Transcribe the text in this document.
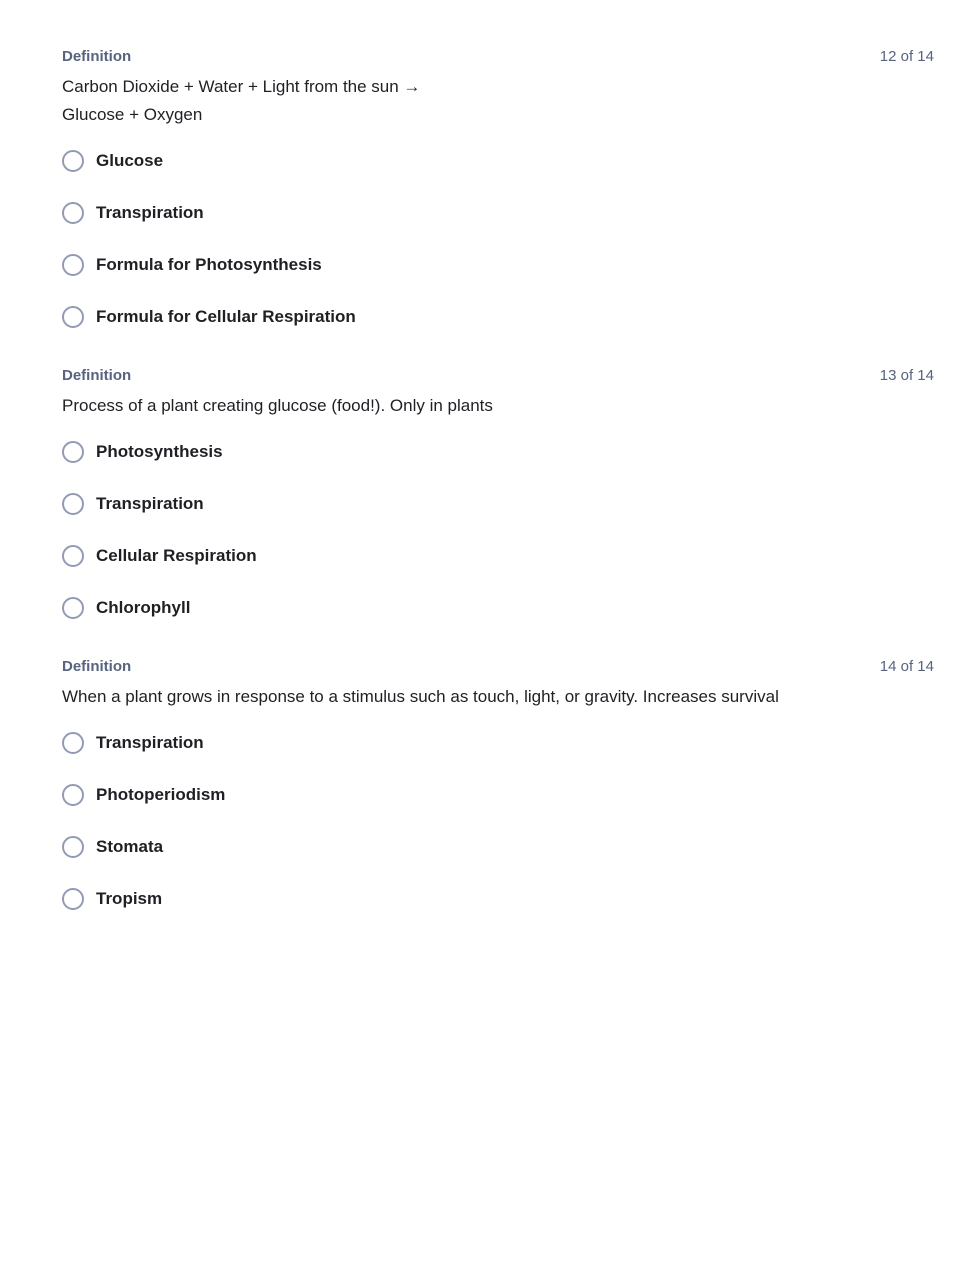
Definition	12 of 14
Carbon Dioxide + Water + Light from the sun →
Glucose + Oxygen
Glucose
Transpiration
Formula for Photosynthesis
Formula for Cellular Respiration
Definition	13 of 14
Process of a plant creating glucose (food!). Only in plants
Photosynthesis
Transpiration
Cellular Respiration
Chlorophyll
Definition	14 of 14
When a plant grows in response to a stimulus such as touch, light, or gravity. Increases survival
Transpiration
Photoperiodism
Stomata
Tropism
